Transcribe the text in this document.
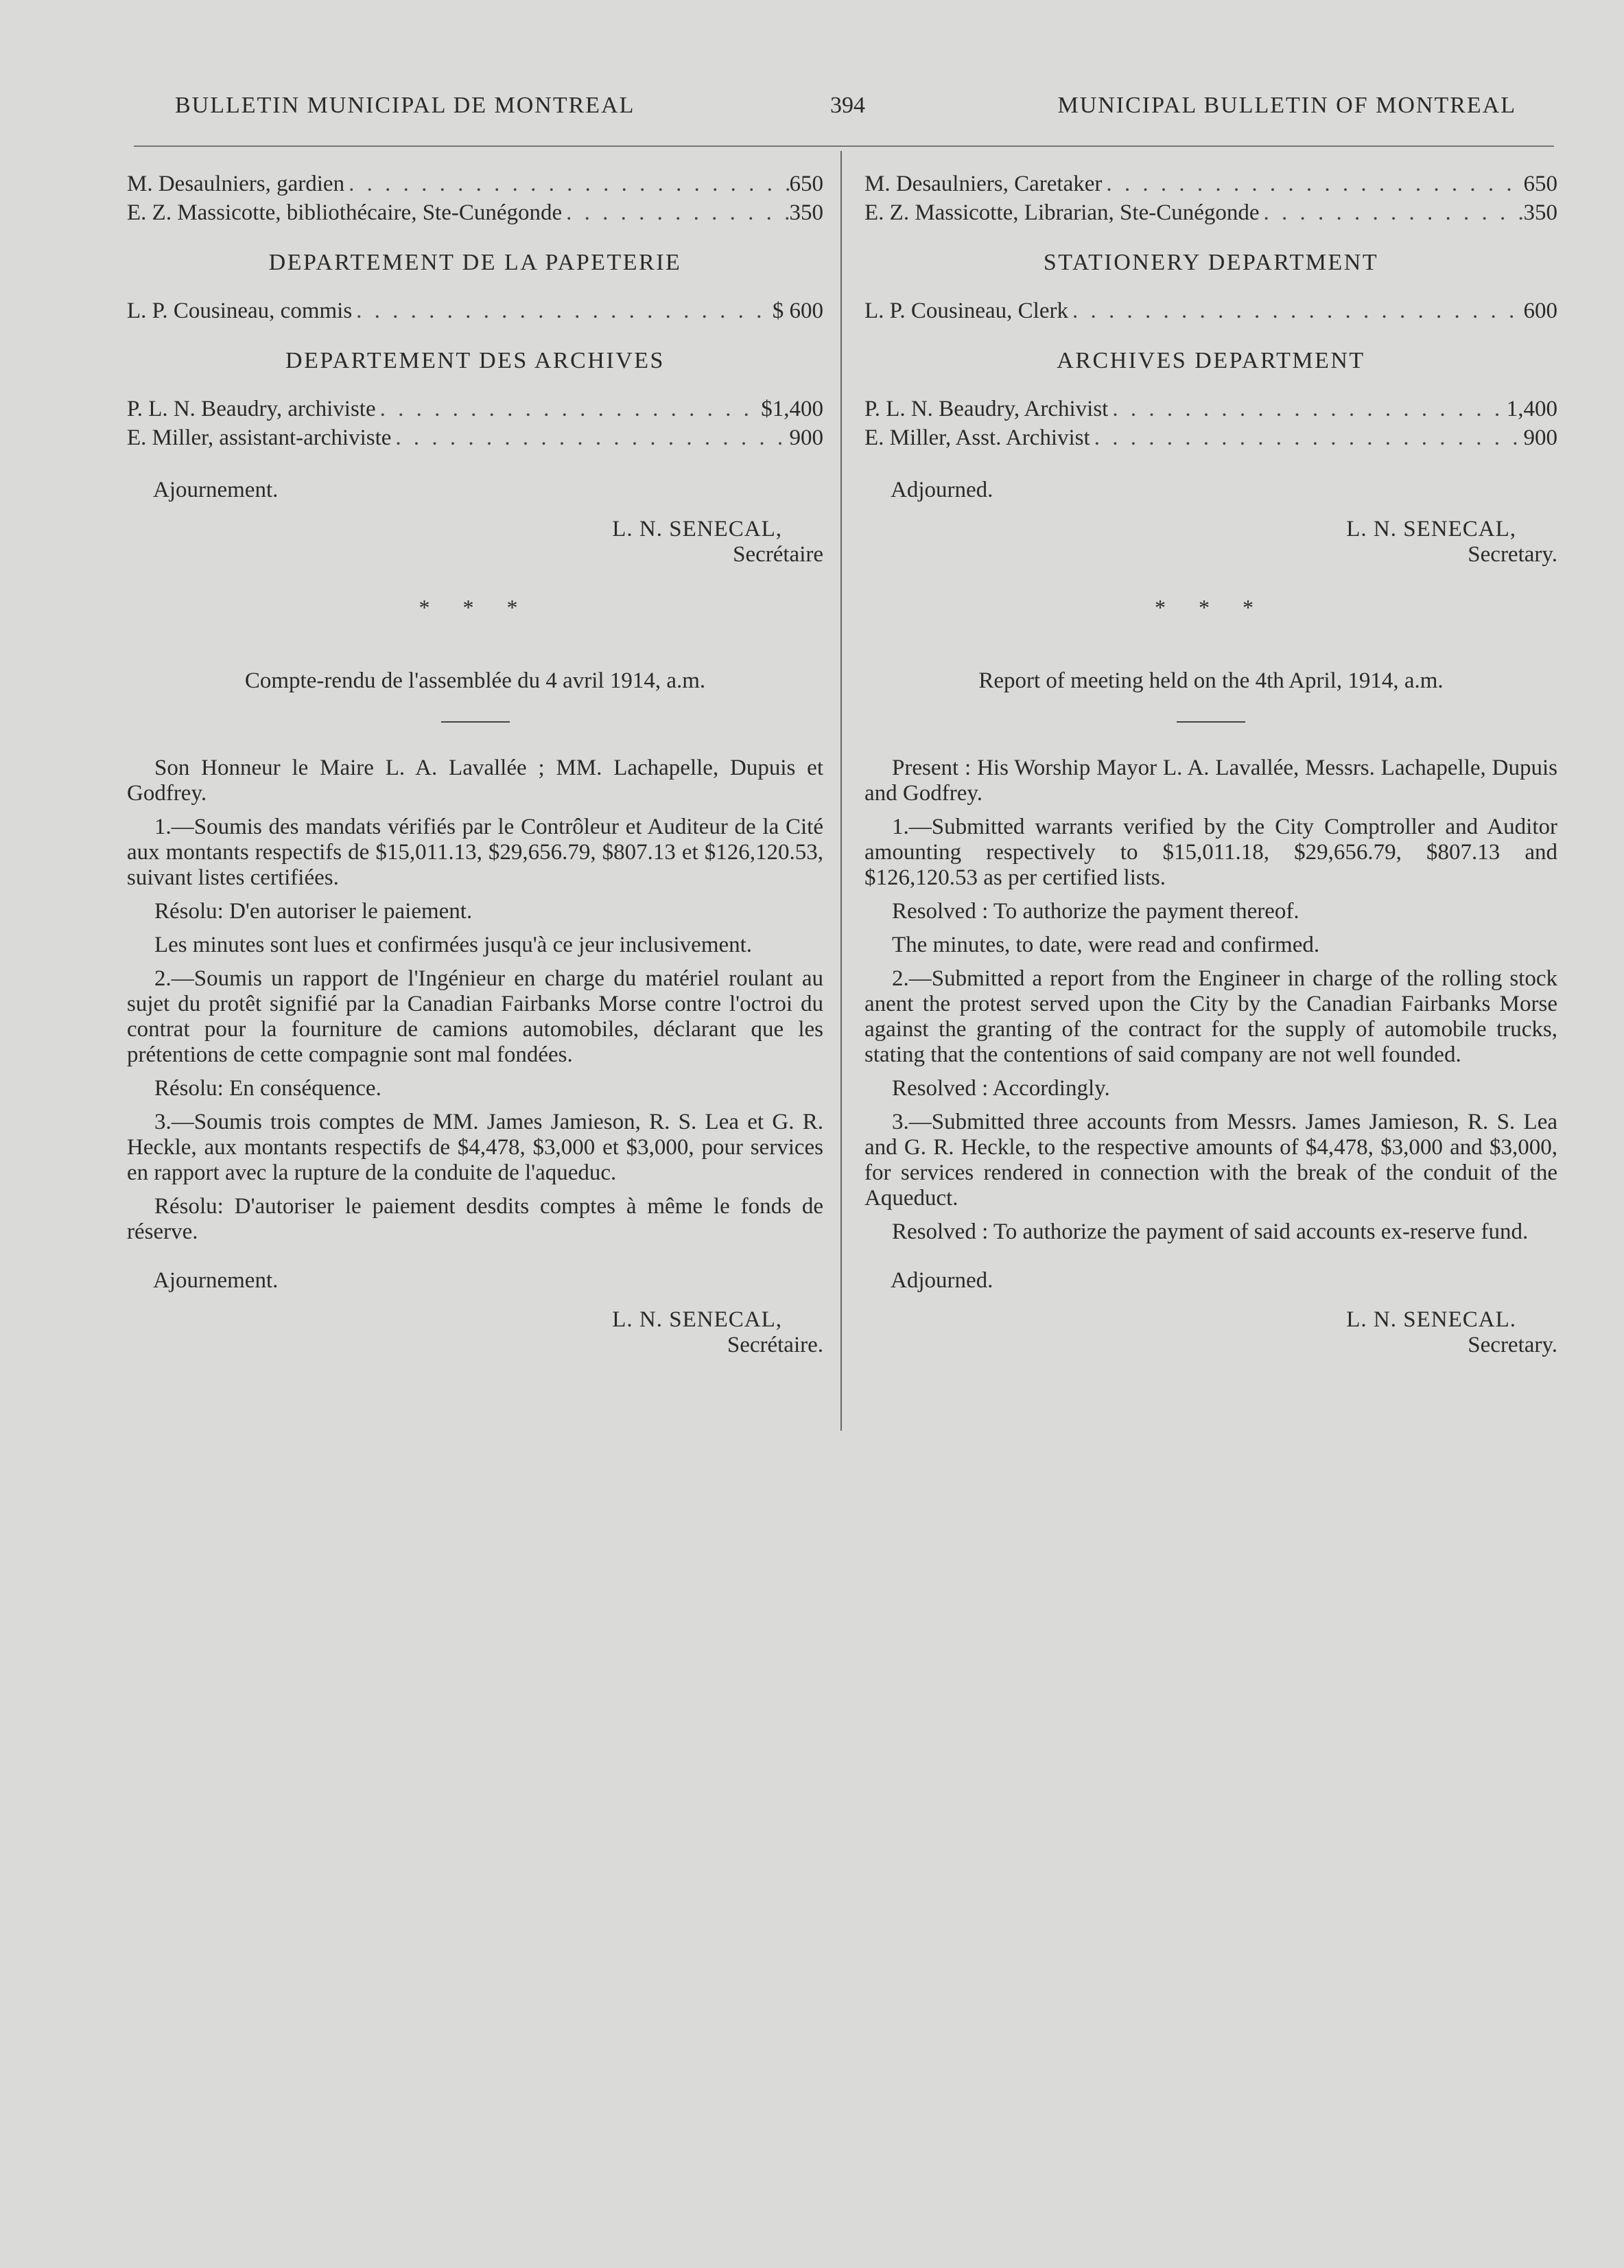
BULLETIN MUNICIPAL DE MONTREAL	394	MUNICIPAL BULLETIN OF MONTREAL
M. Desaulniers, gardien . . .	650
E. Z. Massicotte, bibliothécaire, Ste-Cunégonde . . .	350
DEPARTEMENT DE LA PAPETERIE
L. P. Cousineau, commis . . .	$ 600
DEPARTEMENT DES ARCHIVES
P. L. N. Beaudry, archiviste . . .	$1,400
E. Miller, assistant-archiviste . . .	900
Ajournement.
L. N. SENECAL,
Secrétaire
* * *
Compte-rendu de l'assemblée du 4 avril 1914, a.m.

Son Honneur le Maire L. A. Lavallée ; MM. Lachapelle, Dupuis et Godfrey.

1.—Soumis des mandats vérifiés par le Contrôleur et Auditeur de la Cité aux montants respectifs de $15,011.13, $29,656.79, $807.13 et $126,120.53, suivant listes certifiées.

Résolu: D'en autoriser le paiement.

Les minutes sont lues et confirmées jusqu'à ce jeur inclusivement.

2.—Soumis un rapport de l'Ingénieur en charge du matériel roulant au sujet du protêt signifié par la Canadian Fairbanks Morse contre l'octroi du contrat pour la fourniture de camions automobiles, déclarant que les prétentions de cette compagnie sont mal fondées.

Résolu: En conséquence.

3.—Soumis trois comptes de MM. James Jamieson, R. S. Lea et G. R. Heckle, aux montants respectifs de $4,478, $3,000 et $3,000, pour services en rapport avec la rupture de la conduite de l'aqueduc.

Résolu: D'autoriser le paiement desdits comptes à même le fonds de réserve.

Ajournement.
L. N. SENECAL,
Secrétaire.
M. Desaulniers, Caretaker . . .	650
E. Z. Massicotte, Librarian, Ste-Cunégonde . . .	350
STATIONERY DEPARTMENT
L. P. Cousineau, Clerk . . .	600
ARCHIVES DEPARTMENT
P. L. N. Beaudry, Archivist . . .	1,400
E. Miller, Asst. Archivist . . .	900
Adjourned.
L. N. SENECAL,
Secretary.
* * *
Report of meeting held on the 4th April, 1914, a.m.

Present : His Worship Mayor L. A. Lavallée, Messrs. Lachapelle, Dupuis and Godfrey.

1.—Submitted warrants verified by the City Comptroller and Auditor amounting respectively to $15,011.18, $29,656.79, $807.13 and $126,120.53 as per certified lists.

Resolved : To authorize the payment thereof.

The minutes, to date, were read and confirmed.

2.—Submitted a report from the Engineer in charge of the rolling stock anent the protest served upon the City by the Canadian Fairbanks Morse against the granting of the contract for the supply of automobile trucks, stating that the contentions of said company are not well founded.

Resolved : Accordingly.

3.—Submitted three accounts from Messrs. James Jamieson, R. S. Lea and G. R. Heckle, to the respective amounts of $4,478, $3,000 and $3,000, for services rendered in connection with the break of the conduit of the Aqueduct.

Resolved : To authorize the payment of said accounts ex-reserve fund.

Adjourned.
L. N. SENECAL.
Secretary.
